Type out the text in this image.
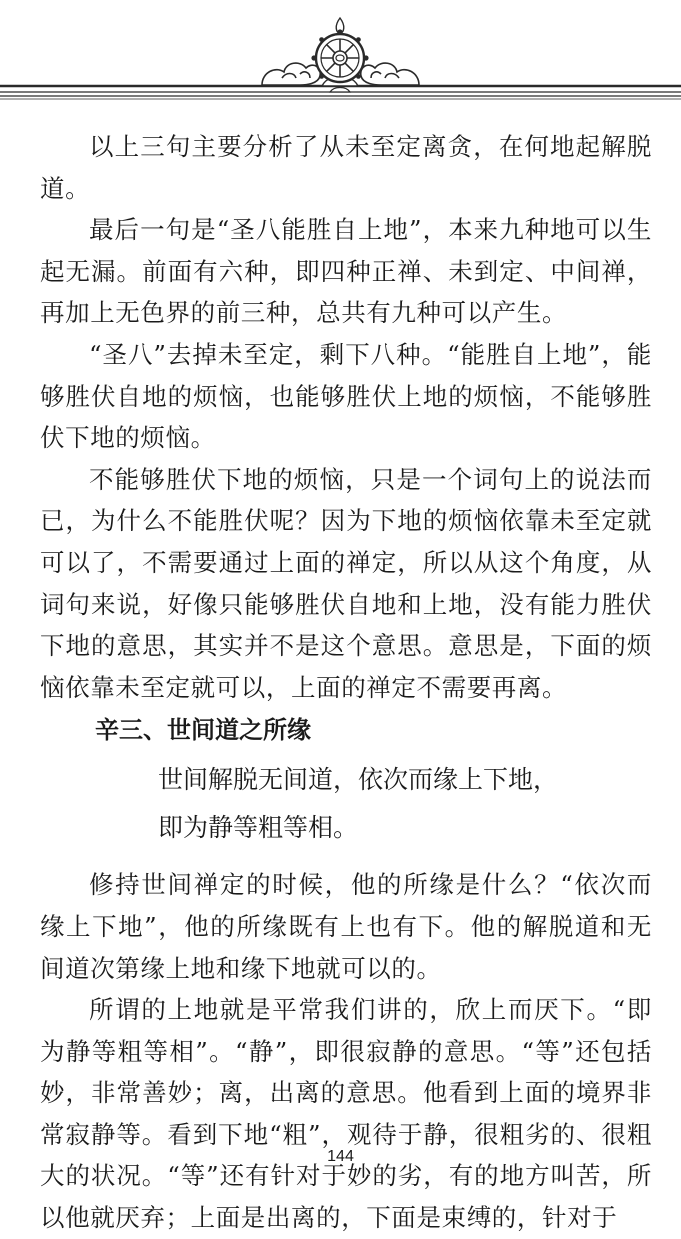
以上三句主要分析了从未至定离贪，在何地起解脱道。

最后一句是“圣八能胜自上地”，本来九种地可以生起无漏。前面有六种，即四种正禅、未到定、中间禅，再加上无色界的前三种，总共有九种可以产生。

“圣八”去掉未至定，剩下八种。“能胜自上地”，能够胜伏自地的烦恼，也能够胜伏上地的烦恼，不能够胜伏下地的烦恼。

不能够胜伏下地的烦恼，只是一个词句上的说法而已，为什么不能胜伏呢？因为下地的烦恼依靠未至定就可以了，不需要通过上面的禅定，所以从这个角度，从词句来说，好像只能够胜伏自地和上地，没有能力胜伏下地的意思，其实并不是这个意思。意思是，下面的烦恼依靠未至定就可以，上面的禅定不需要再离。

辛三、世间道之所缘

世间解脱无间道，依次而缘上下地，

即为静等粗等相。

修持世间禅定的时候，他的所缘是什么？“依次而缘上下地”，他的所缘既有上也有下。他的解脱道和无间道次第缘上地和缘下地就可以的。

所谓的上地就是平常我们讲的，欣上而厌下。“即为静等粗等相”。“静”，即很寂静的意思。“等”还包括妙，非常善妙；离，出离的意思。他看到上面的境界非常寂静等。看到下地“粗”，观待于静，很粗劣的、很粗大的状况。“等”还有针对于妙的劣，有的地方叫苦，所以他就厌弃；上面是出离的，下面是束缚的，针对于

144
